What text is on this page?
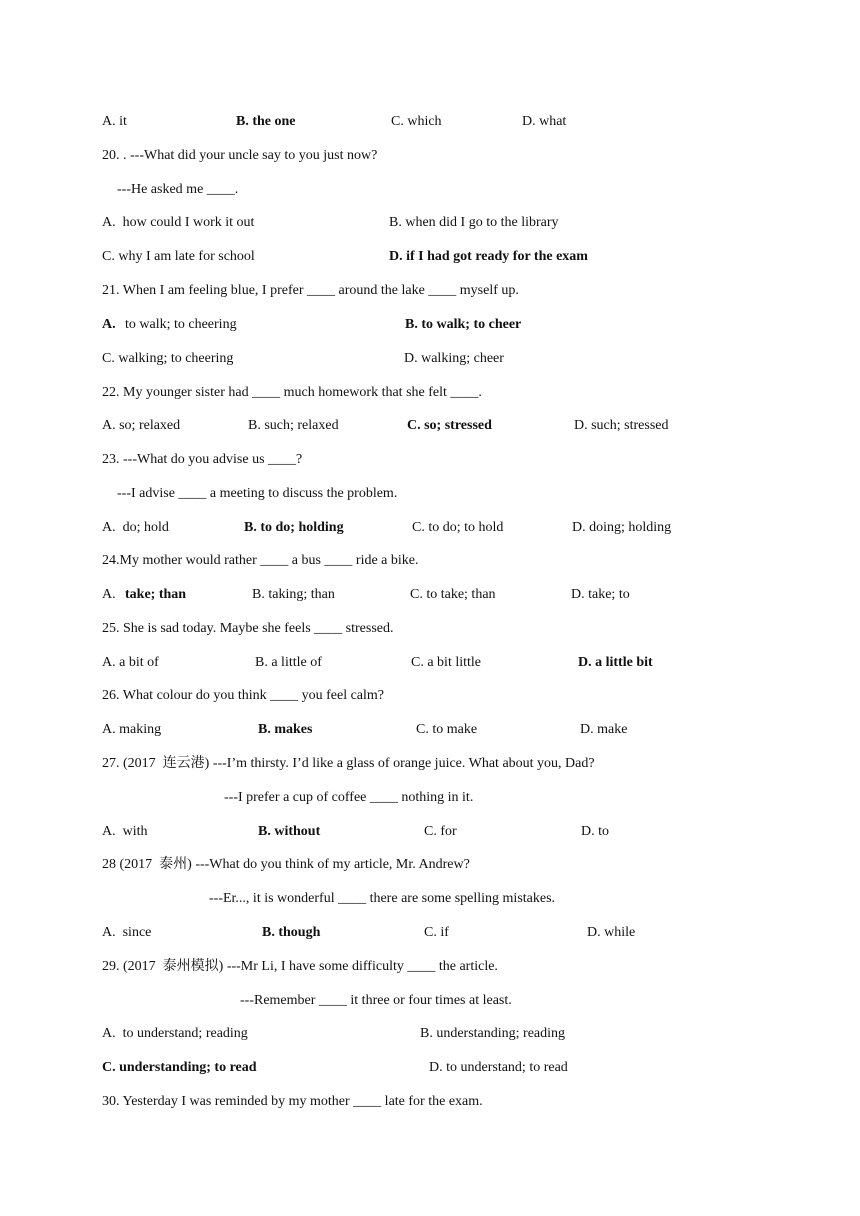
A. it	B. the one	C. which	D. what
20. . ---What did your uncle say to you just now?
---He asked me ____.
A.  how could I work it out	B. when did I go to the library
C. why I am late for school	D. if I had got ready for the exam
21. When I am feeling blue, I prefer ____ around the lake ____ myself up.
A. to walk; to cheering	B. to walk; to cheer
C. walking; to cheering	D. walking; cheer
22. My younger sister had ____ much homework that she felt ____.
A. so; relaxed	B. such; relaxed	C. so; stressed	D. such; stressed
23. ---What do you advise us ____?
---I advise ____ a meeting to discuss the problem.
A.  do; hold	B. to do; holding	C. to do; to hold	D. doing; holding
24.My mother would rather ____ a bus ____ ride a bike.
A. take; than	B. taking; than	C. to take; than	D. take; to
25. She is sad today. Maybe she feels ____ stressed.
A. a bit of	B. a little of	C. a bit little	D. a little bit
26. What colour do you think ____ you feel calm?
A. making	B. makes	C. to make	D. make
27. (2017  连云港) ---I’m thirsty. I’d like a glass of orange juice. What about you, Dad?
---I prefer a cup of coffee ____ nothing in it.
A.  with	B. without	C. for	D. to
28 (2017  泰州) ---What do you think of my article, Mr. Andrew?
---Er..., it is wonderful ____ there are some spelling mistakes.
A.  since	B. though	C. if	D. while
29. (2017  泰州模拟) ---Mr Li, I have some difficulty ____ the article.
---Remember ____ it three or four times at least.
A.  to understand; reading	B. understanding; reading
C. understanding; to read	D. to understand; to read
30. Yesterday I was reminded by my mother ____ late for the exam.
